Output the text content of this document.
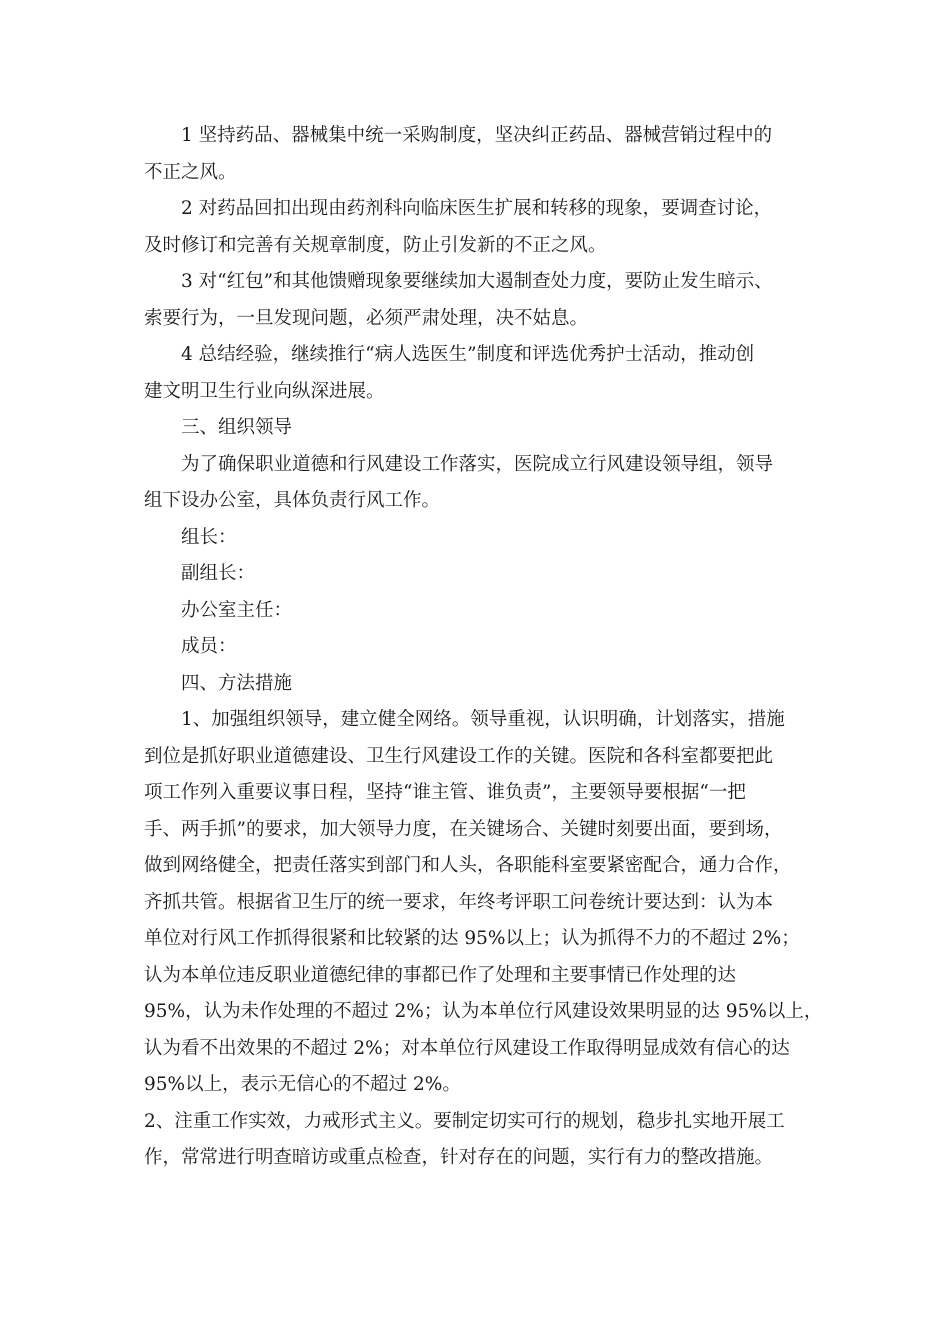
1 坚持药品、器械集中统一采购制度，坚决纠正药品、器械营销过程中的
不正之风。
2 对药品回扣出现由药剂科向临床医生扩展和转移的现象，要调查讨论，
及时修订和完善有关规章制度，防止引发新的不正之风。
3 对“红包”和其他馈赠现象要继续加大遏制查处力度，要防止发生暗示、
索要行为，一旦发现问题，必须严肃处理，决不姑息。
4 总结经验，继续推行“病人选医生”制度和评选优秀护士活动，推动创
建文明卫生行业向纵深进展。
三、组织领导
为了确保职业道德和行风建设工作落实，医院成立行风建设领导组，领导
组下设办公室，具体负责行风工作。
组长：
副组长：
办公室主任：
成员：
四、方法措施
1、加强组织领导，建立健全网络。领导重视，认识明确，计划落实，措施
到位是抓好职业道德建设、卫生行风建设工作的关键。医院和各科室都要把此
项工作列入重要议事日程，坚持“谁主管、谁负责”，主要领导要根据“一把
手、两手抓”的要求，加大领导力度，在关键场合、关键时刻要出面，要到场，
做到网络健全，把责任落实到部门和人头，各职能科室要紧密配合，通力合作，
齐抓共管。根据省卫生厅的统一要求，年终考评职工问卷统计要达到：认为本
单位对行风工作抓得很紧和比较紧的达 95%以上；认为抓得不力的不超过 2%；
认为本单位违反职业道德纪律的事都已作了处理和主要事情已作处理的达
95%，认为未作处理的不超过 2%；认为本单位行风建设效果明显的达 95%以上，
认为看不出效果的不超过 2%；对本单位行风建设工作取得明显成效有信心的达
95%以上，表示无信心的不超过 2%。
2、注重工作实效，力戒形式主义。要制定切实可行的规划，稳步扎实地开展工
作，常常进行明查暗访或重点检查，针对存在的问题，实行有力的整改措施。
